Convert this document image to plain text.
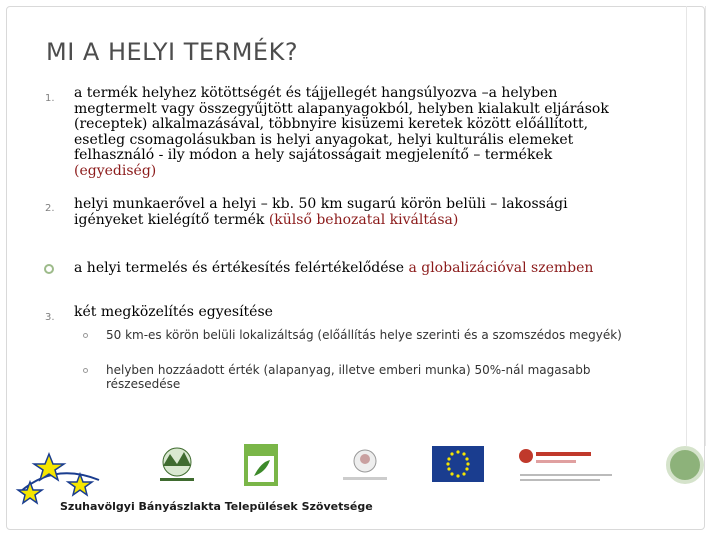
MI A HELYI TERMÉK?
1. a termék helyhez kötöttségét és tájjellegét hangsúlyozva –a helyben megtermelt vagy összegyűjtött alapanyagokból, helyben kialakult eljárások (receptek) alkalmazásával, többnyire kisüzemi keretek között előállított, esetleg csomagolásukban is helyi anyagokat, helyi kulturális elemeket felhasználó - ily módon a hely sajátosságait megjelenítő – termékek (egyediség)
2. helyi munkaerővel a helyi – kb. 50 km sugarú körön belüli – lakossági igényeket kielégítő termék (külső behozatal kiváltása)
a helyi termelés és értékesítés felértékelődése a globalizációval szemben
3. két megközelítés egyesítése
50 km-es körön belüli lokalizáltság (előállítás helye szerinti és a szomszédos megyék)
helyben hozzáadott érték (alapanyag, illetve emberi munka) 50%-nál magasabb részesedése
Szuhavölgyi Bányászlakta Települések Szövetsége
